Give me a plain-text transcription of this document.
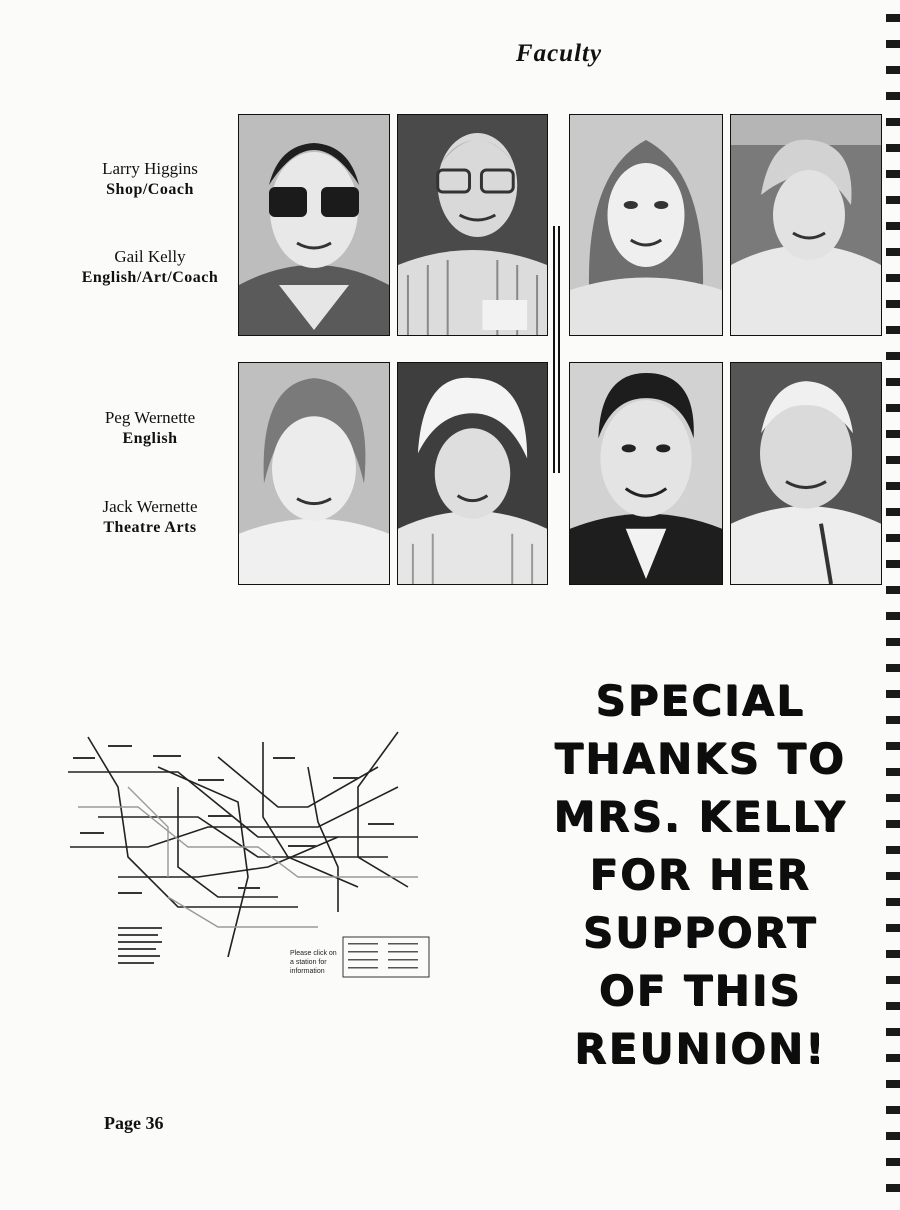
Faculty
Larry Higgins
Shop/Coach
Gail Kelly
English/Art/Coach
Peg Wernette
English
Jack Wernette
Theatre Arts
Please click on
a station for
information
SPECIAL
THANKS TO
MRS. KELLY
FOR HER
SUPPORT
OF THIS
REUNION!
Page 36
